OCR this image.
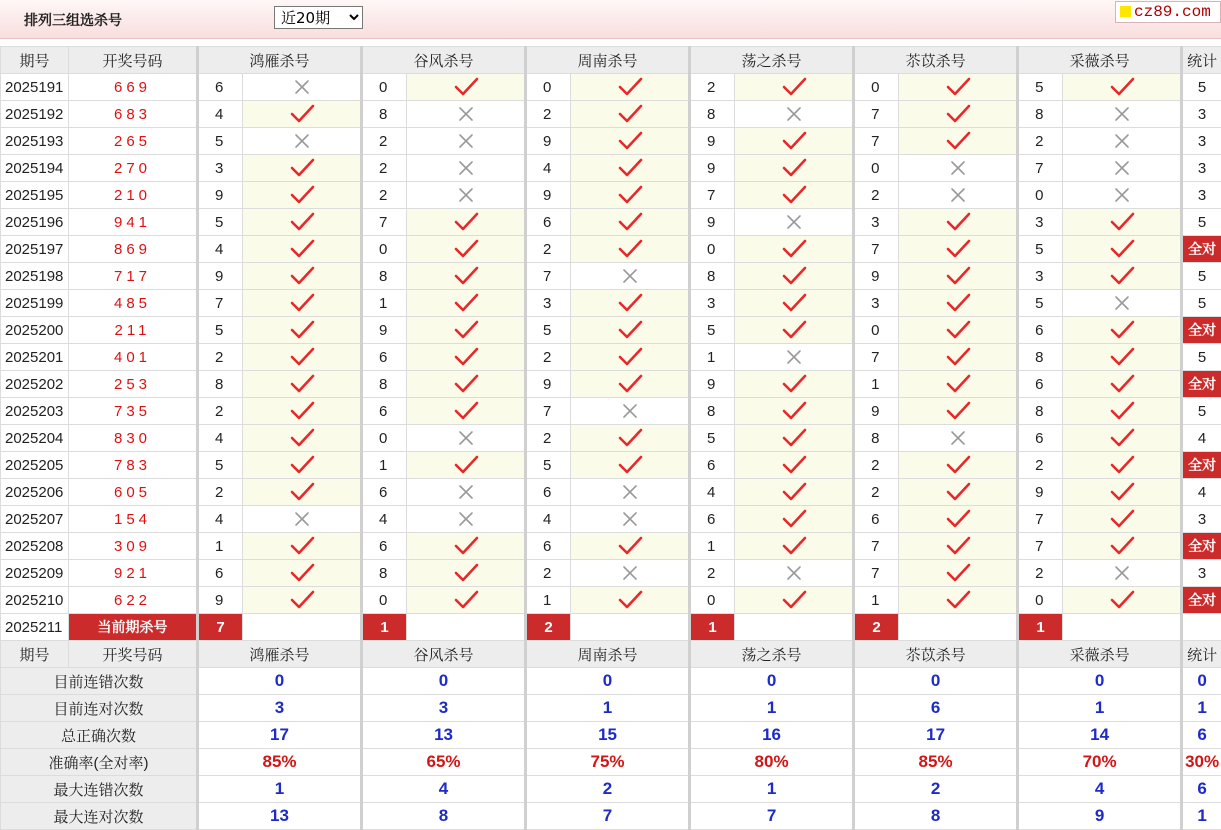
排列三组选杀号
近20期	cz89.com
期号	开奖号码	鸿雁杀号		谷风杀号		周南杀号		荡之杀号		苶苡杀号		采薇杀号		统计
2025191	669	6		0		0		2		0		5		5
2025192	683	4		8		2		8		7		8		3
2025193	265	5		2		9		9		7		2		3
2025194	270	3		2		4		9		0		7		3
2025195	210	9		2		9		7		2		0		3
2025196	941	5		7		6		9		3		3		5
2025197	869	4		0		2		0		7		5		全对
2025198	717	9		8		7		8		9		3		5
2025199	485	7		1		3		3		3		5		5
2025200	211	5		9		5		5		0		6		全对
2025201	401	2		6		2		1		7		8		5
2025202	253	8		8		9		9		1		6		全对
2025203	735	2		6		7		8		9		8		5
2025204	830	4		0		2		5		8		6		4
2025205	783	5		1		5		6		2		2		全对
2025206	605	2		6		6		4		2		9		4
2025207	154	4		4		4		6		6		7		3
2025208	309	1		6		6		1		7		7		全对
2025209	921	6		8		2		2		7		2		3
2025210	622	9		0		1		0		1		0		全对
2025211	当前期杀号	7		1		2		1		2		1		
期号	开奖号码	鸿雁杀号		谷风杀号		周南杀号		荡之杀号		苶苡杀号		采薇杀号		统计
目前连错次数		0		0		0		0		0		0		0
目前连对次数		3		3		1		1		6		1		1
总正确次数		17		13		15		16		17		14		6
准确率(全对率)		85%		65%		75%		80%		85%		70%		30%
最大连错次数		1		4		2		1		2		4		6
最大连对次数		13		8		7		7		8		9		1
